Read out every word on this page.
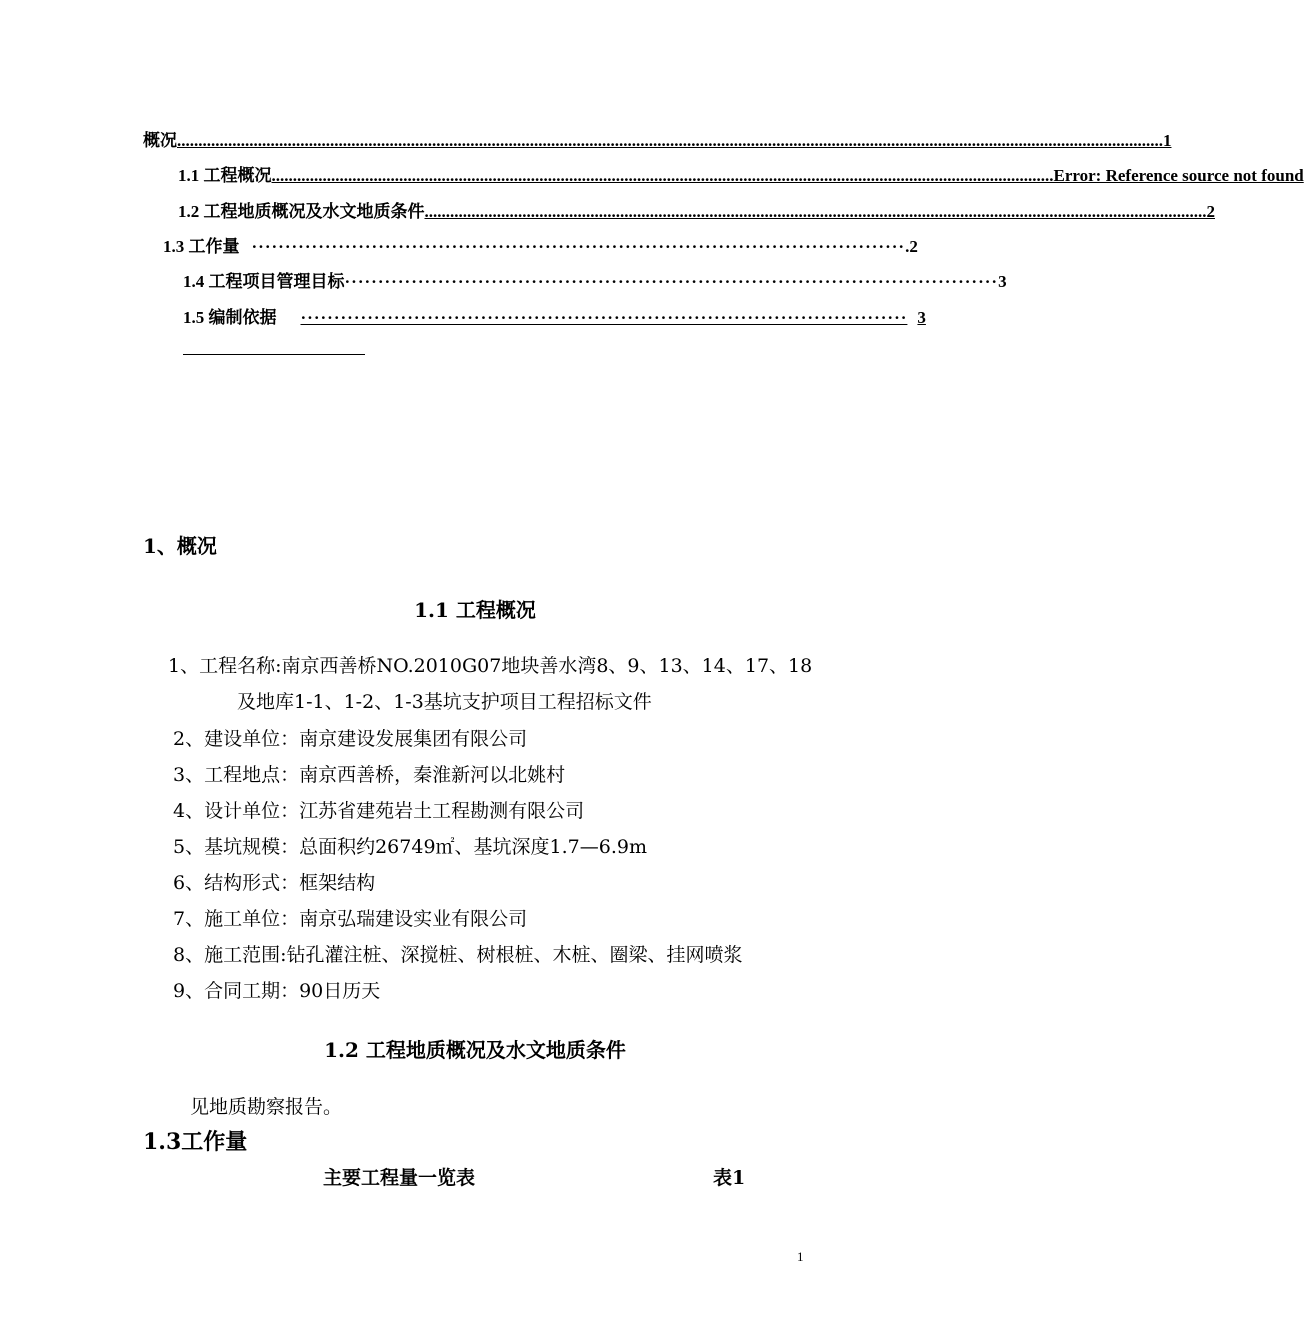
概况 ........................................................................................................................................................................................................................................ 1
1.1 工程概况 ........................................................................................................................................................................................ Error: Reference source not found
1.2 工程地质概况及水文地质条件 ........................................................................................................................................................................................ 2
1.3 工作量 ·································································································· .2
1.4 工程项目管理目标 ·································································································· 3
1.5 编制依据	··························································································· 3
1、概况
1.1 工程概况
1、工程名称:南京西善桥NO.2010G07地块善水湾8、9、13、14、17、18
及地库1-1、1-2、1-3基坑支护项目工程招标文件
2、建设单位：南京建设发展集团有限公司
3、工程地点：南京西善桥，秦淮新河以北姚村
4、设计单位：江苏省建苑岩土工程勘测有限公司
5、基坑规模：总面积约26749㎡、基坑深度1.7—6.9m
6、结构形式：框架结构
7、施工单位：南京弘瑞建设实业有限公司
8、施工范围:钻孔灌注桩、深搅桩、树根桩、木桩、圈梁、挂网喷浆
9、合同工期：90日历天
1.2 工程地质概况及水文地质条件
见地质勘察报告。
1.3工作量
主要工程量一览表	表1
1
